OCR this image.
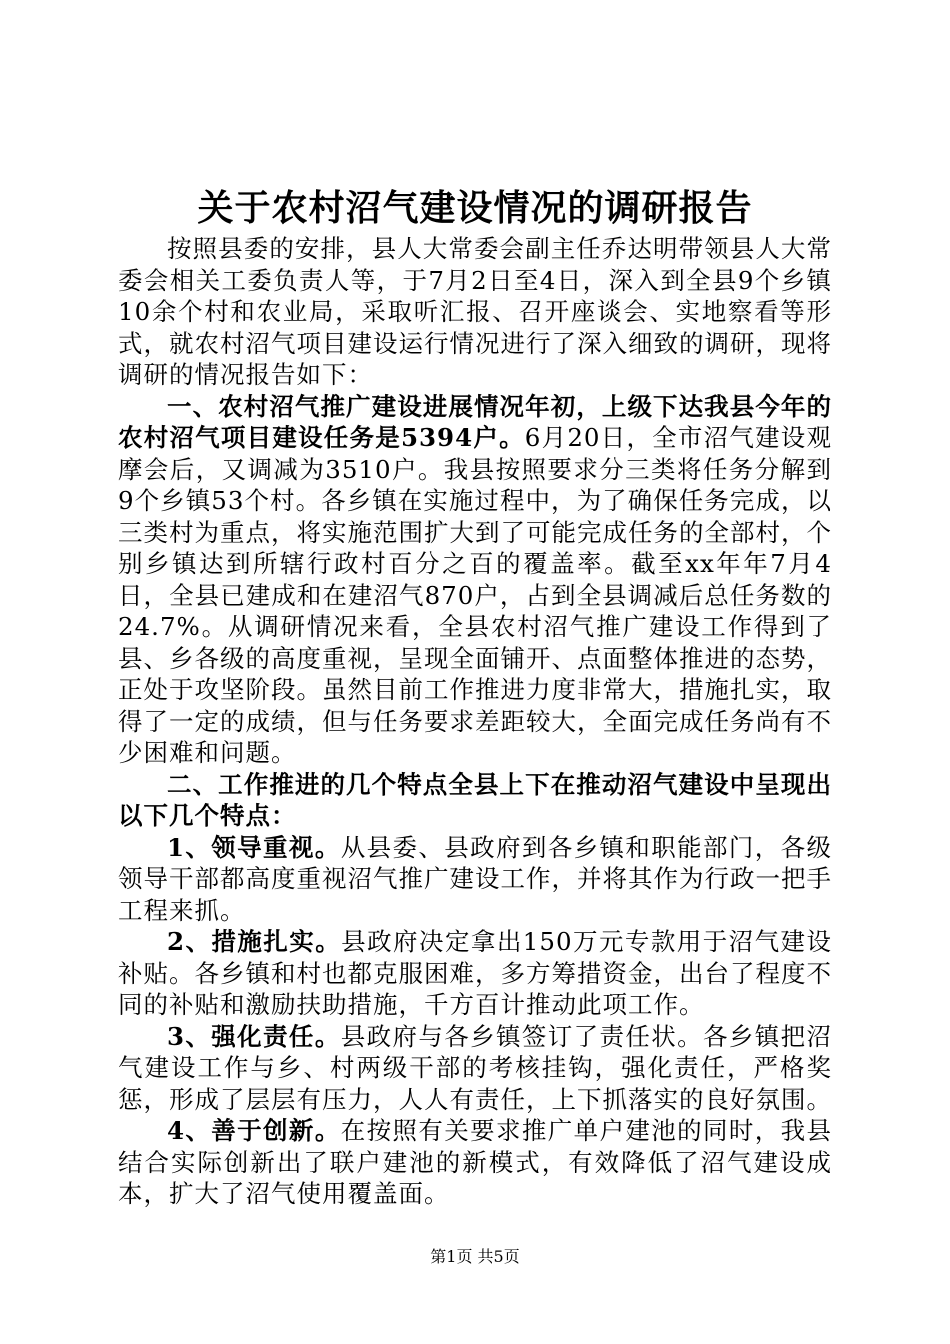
关于农村沼气建设情况的调研报告

按照县委的安排，县人大常委会副主任乔达明带领县人大常委会相关工委负责人等，于7月2日至4日，深入到全县9个乡镇10余个村和农业局，采取听汇报、召开座谈会、实地察看等形式，就农村沼气项目建设运行情况进行了深入细致的调研，现将调研的情况报告如下：

一、农村沼气推广建设进展情况年初，上级下达我县今年的农村沼气项目建设任务是5394户。6月20日，全市沼气建设观摩会后，又调减为3510户。我县按照要求分三类将任务分解到9个乡镇53个村。各乡镇在实施过程中，为了确保任务完成，以三类村为重点，将实施范围扩大到了可能完成任务的全部村，个别乡镇达到所辖行政村百分之百的覆盖率。截至xx年年7月4日，全县已建成和在建沼气870户，占到全县调减后总任务数的24.7%。从调研情况来看，全县农村沼气推广建设工作得到了县、乡各级的高度重视，呈现全面铺开、点面整体推进的态势，正处于攻坚阶段。虽然目前工作推进力度非常大，措施扎实，取得了一定的成绩，但与任务要求差距较大，全面完成任务尚有不少困难和问题。

二、工作推进的几个特点全县上下在推动沼气建设中呈现出以下几个特点：

1、领导重视。从县委、县政府到各乡镇和职能部门，各级领导干部都高度重视沼气推广建设工作，并将其作为行政一把手工程来抓。

2、措施扎实。县政府决定拿出150万元专款用于沼气建设补贴。各乡镇和村也都克服困难，多方筹措资金，出台了程度不同的补贴和激励扶助措施，千方百计推动此项工作。

3、强化责任。县政府与各乡镇签订了责任状。各乡镇把沼气建设工作与乡、村两级干部的考核挂钩，强化责任，严格奖惩，形成了层层有压力，人人有责任，上下抓落实的良好氛围。

4、善于创新。在按照有关要求推广单户建池的同时，我县结合实际创新出了联户建池的新模式，有效降低了沼气建设成本，扩大了沼气使用覆盖面。

第1页 共5页
